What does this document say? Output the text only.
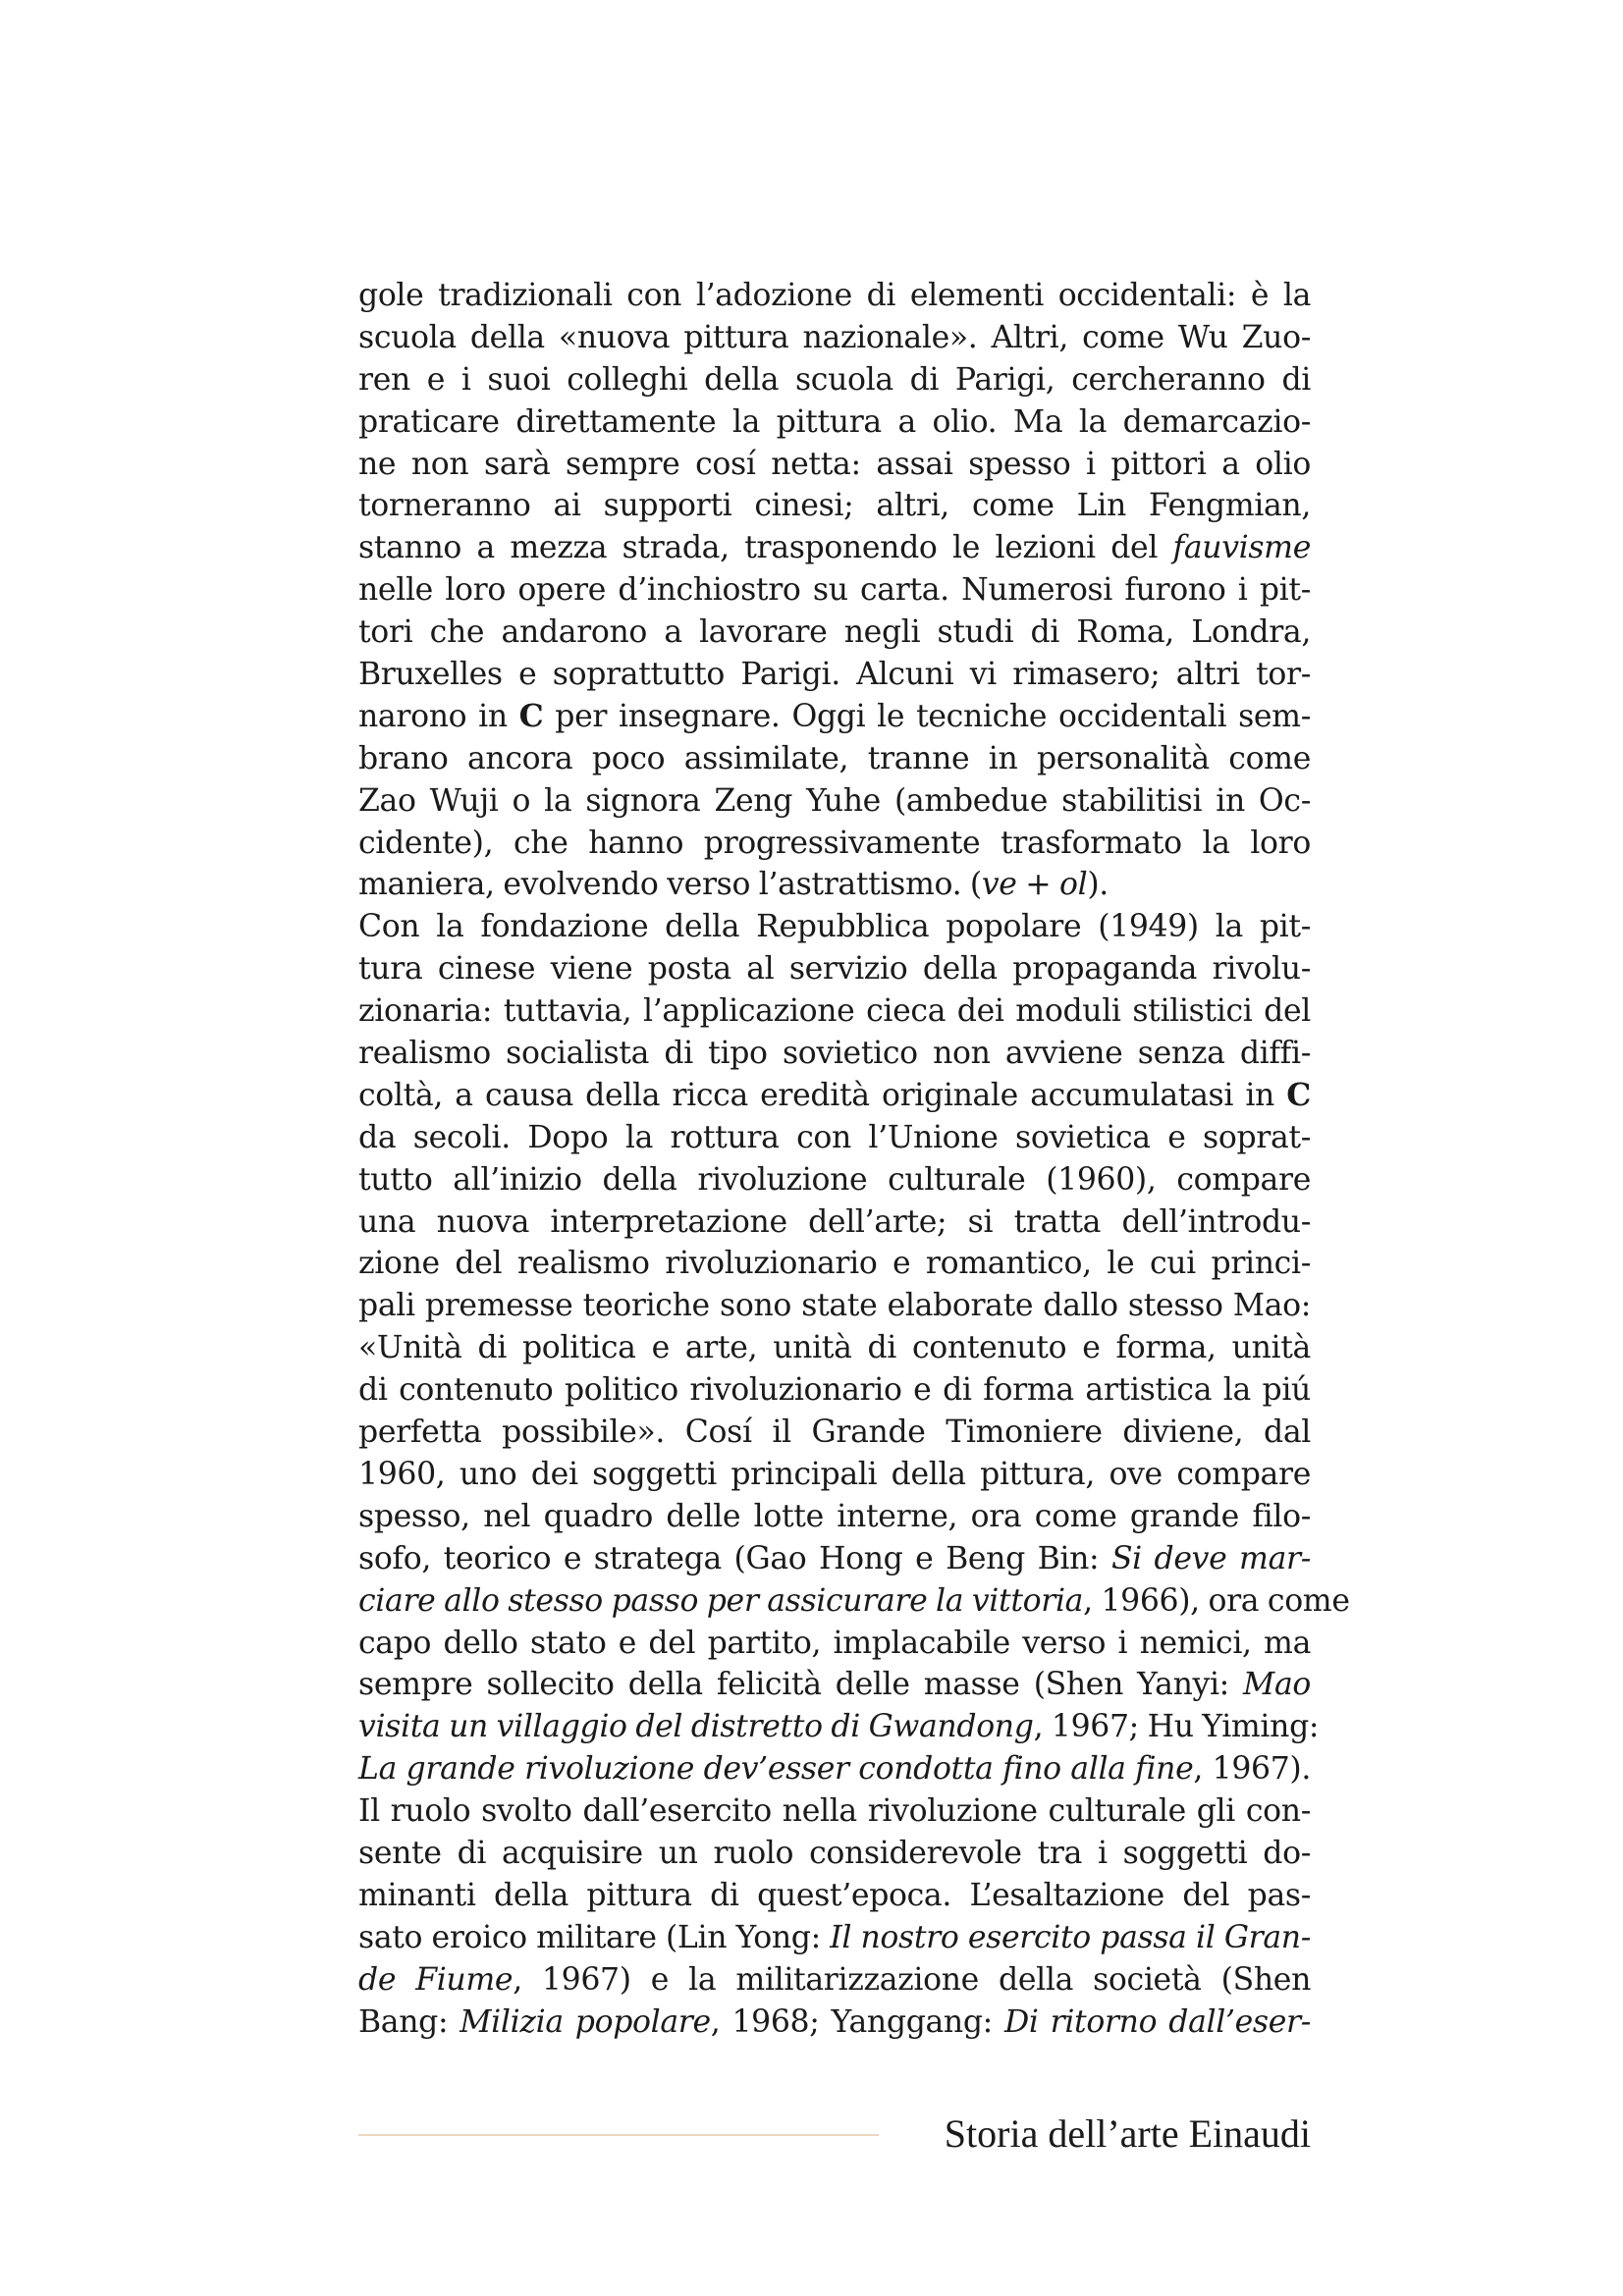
gole tradizionali con l’adozione di elementi occidentali: è la
scuola della «nuova pittura nazionale». Altri, come Wu Zuo-
ren e i suoi colleghi della scuola di Parigi, cercheranno di
praticare direttamente la pittura a olio. Ma la demarcazio-
ne non sarà sempre cosí netta: assai spesso i pittori a olio
torneranno ai supporti cinesi; altri, come Lin Fengmian,
stanno a mezza strada, trasponendo le lezioni del fauvisme
nelle loro opere d’inchiostro su carta. Numerosi furono i pit-
tori che andarono a lavorare negli studi di Roma, Londra,
Bruxelles e soprattutto Parigi. Alcuni vi rimasero; altri tor-
narono in C per insegnare. Oggi le tecniche occidentali sem-
brano ancora poco assimilate, tranne in personalità come
Zao Wuji o la signora Zeng Yuhe (ambedue stabilitisi in Oc-
cidente), che hanno progressivamente trasformato la loro
maniera, evolvendo verso l’astrattismo. (ve + ol).
Con la fondazione della Repubblica popolare (1949) la pit-
tura cinese viene posta al servizio della propaganda rivolu-
zionaria: tuttavia, l’applicazione cieca dei moduli stilistici del
realismo socialista di tipo sovietico non avviene senza diffi-
coltà, a causa della ricca eredità originale accumulatasi in C
da secoli. Dopo la rottura con l’Unione sovietica e soprat-
tutto all’inizio della rivoluzione culturale (1960), compare
una nuova interpretazione dell’arte; si tratta dell’introdu-
zione del realismo rivoluzionario e romantico, le cui princi-
pali premesse teoriche sono state elaborate dallo stesso Mao:
«Unità di politica e arte, unità di contenuto e forma, unità
di contenuto politico rivoluzionario e di forma artistica la piú
perfetta possibile». Cosí il Grande Timoniere diviene, dal
1960, uno dei soggetti principali della pittura, ove compare
spesso, nel quadro delle lotte interne, ora come grande filo-
sofo, teorico e stratega (Gao Hong e Beng Bin: Si deve mar-
ciare allo stesso passo per assicurare la vittoria, 1966), ora come
capo dello stato e del partito, implacabile verso i nemici, ma
sempre sollecito della felicità delle masse (Shen Yanyi: Mao
visita un villaggio del distretto di Gwandong, 1967; Hu Yiming:
La grande rivoluzione dev’esser condotta fino alla fine, 1967).
Il ruolo svolto dall’esercito nella rivoluzione culturale gli con-
sente di acquisire un ruolo considerevole tra i soggetti do-
minanti della pittura di quest’epoca. L’esaltazione del pas-
sato eroico militare (Lin Yong: Il nostro esercito passa il Gran-
de Fiume, 1967) e la militarizzazione della società (Shen
Bang: Milizia popolare, 1968; Yanggang: Di ritorno dall’eser-
Storia dell’arte Einaudi
